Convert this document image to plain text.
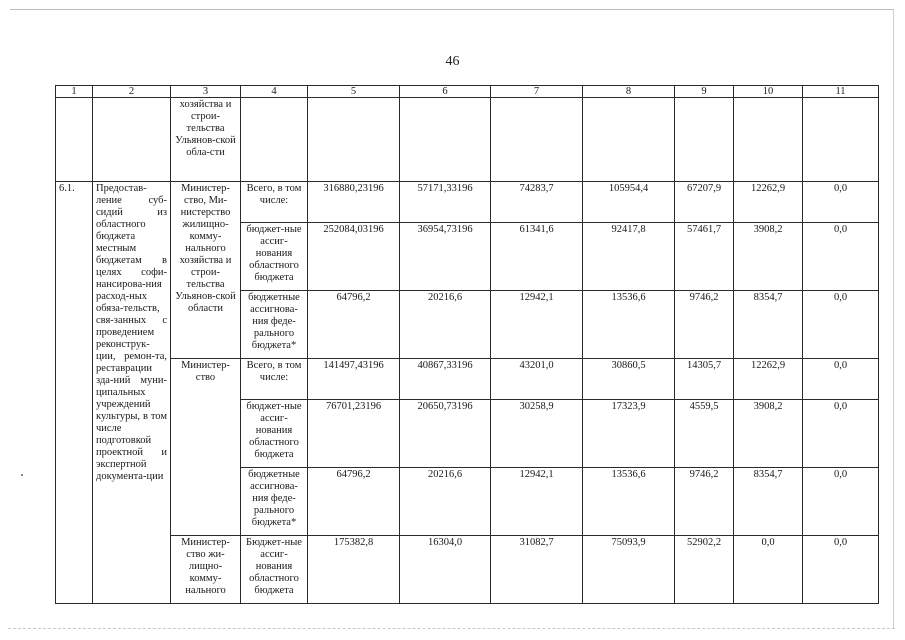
46
1	2	3	4	5	6	7	8	9	10	11
		хозяйства и строи-тельства Ульянов-ской обла-сти								
6.1.	Предостав-ление суб-сидий из областного бюджета местным бюджетам в целях софи-нансирова-ния расход-ных обяза-тельств, свя-занных с проведением реконструк-ции, ремон-та, реставрации зда-ний муни-ципальных учреждений культуры, в том числе подготовкой проектной и экспертной документа-ции	Министер-ство, Ми-нистерство жилищно-комму-нального хозяйства и строи-тельства Ульянов-ской области	Всего, в том числе:	316880,23196	57171,33196	74283,7	105954,4	67207,9	12262,9	0,0
			бюджет-ные ассиг-нования областного бюджета	252084,03196	36954,73196	61341,6	92417,8	57461,7	3908,2	0,0
			бюджетные ассигнова-ния феде-рального бюджета*	64796,2	20216,6	12942,1	13536,6	9746,2	8354,7	0,0
		Министер-ство	Всего, в том числе:	141497,43196	40867,33196	43201,0	30860,5	14305,7	12262,9	0,0
			бюджет-ные ассиг-нования областного бюджета	76701,23196	20650,73196	30258,9	17323,9	4559,5	3908,2	0,0
			бюджетные ассигнова-ния феде-рального бюджета*	64796,2	20216,6	12942,1	13536,6	9746,2	8354,7	0,0
		Министер-ство жи-лищно-комму-нального	Бюджет-ные ассиг-нования областного бюджета	175382,8	16304,0	31082,7	75093,9	52902,2	0,0	0,0
